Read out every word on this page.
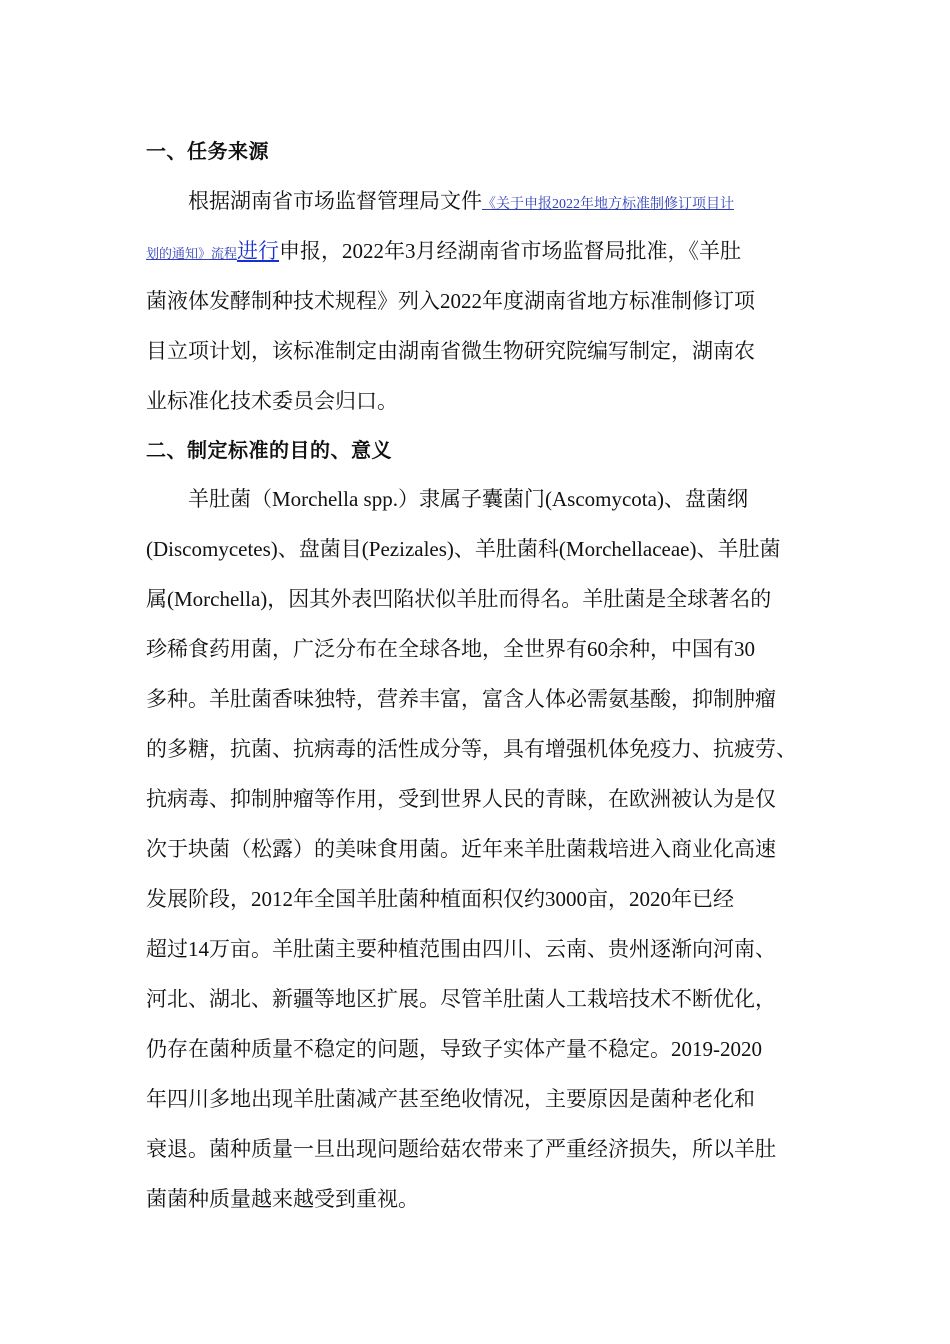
一、任务来源
根据湖南省市场监督管理局文件《关于申报2022年地方标准制修订项目计
划的通知》流程进行申报，2022年3月经湖南省市场监督局批准，《羊肚
菌液体发酵制种技术规程》列入2022年度湖南省地方标准制修订项
目立项计划，该标准制定由湖南省微生物研究院编写制定，湖南农
业标准化技术委员会归口。
二、制定标准的目的、意义
羊肚菌（Morchella spp.）隶属子囊菌门(Ascomycota)、盘菌纲
(Discomycetes)、盘菌目(Pezizales)、羊肚菌科(Morchellaceae)、羊肚菌
属(Morchella)，因其外表凹陷状似羊肚而得名。羊肚菌是全球著名的
珍稀食药用菌，广泛分布在全球各地，全世界有60余种，中国有30
多种。羊肚菌香味独特，营养丰富，富含人体必需氨基酸，抑制肿瘤
的多糖，抗菌、抗病毒的活性成分等，具有增强机体免疫力、抗疲劳、
抗病毒、抑制肿瘤等作用，受到世界人民的青睐，在欧洲被认为是仅
次于块菌（松露）的美味食用菌。近年来羊肚菌栽培进入商业化高速
发展阶段，2012年全国羊肚菌种植面积仅约3000亩，2020年已经
超过14万亩。羊肚菌主要种植范围由四川、云南、贵州逐渐向河南、
河北、湖北、新疆等地区扩展。尽管羊肚菌人工栽培技术不断优化，
仍存在菌种质量不稳定的问题，导致子实体产量不稳定。2019-2020
年四川多地出现羊肚菌减产甚至绝收情况，主要原因是菌种老化和
衰退。菌种质量一旦出现问题给菇农带来了严重经济损失，所以羊肚
菌菌种质量越来越受到重视。
